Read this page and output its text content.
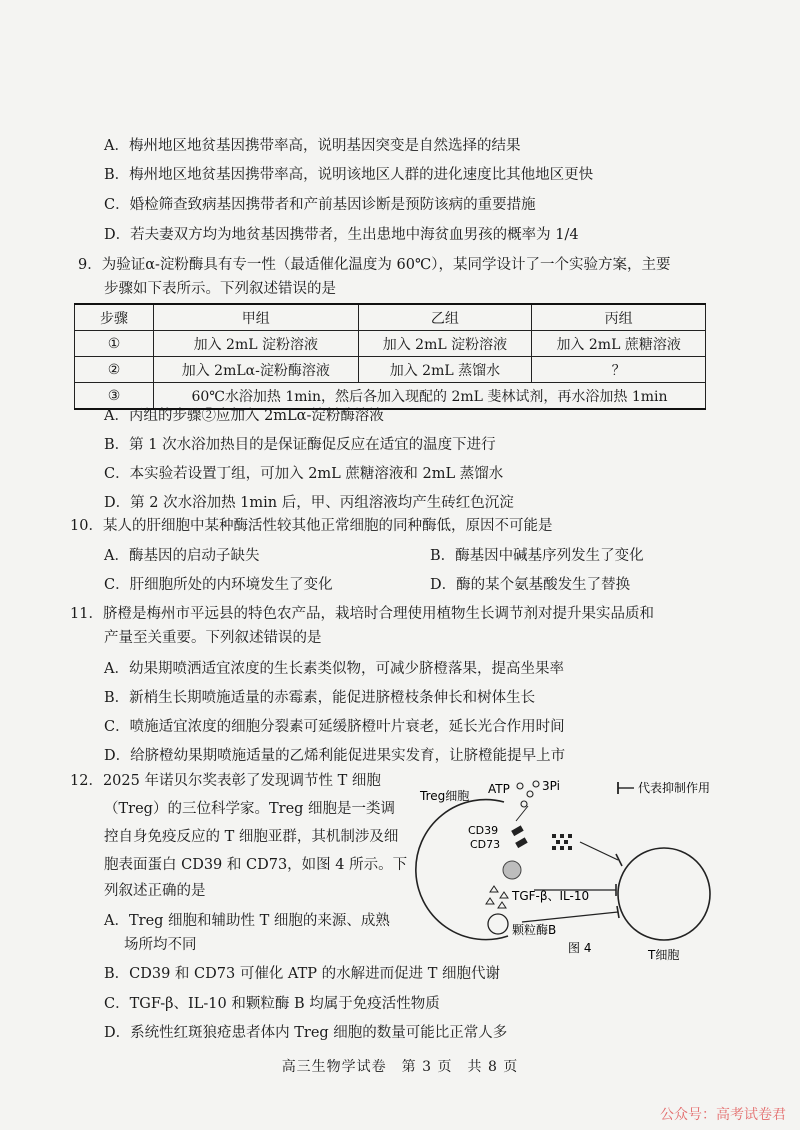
A．梅州地区地贫基因携带率高，说明基因突变是自然选择的结果
B．梅州地区地贫基因携带率高，说明该地区人群的进化速度比其他地区更快
C．婚检筛查致病基因携带者和产前基因诊断是预防该病的重要措施
D．若夫妻双方均为地贫基因携带者，生出患地中海贫血男孩的概率为 1/4
9．为验证α-淀粉酶具有专一性（最适催化温度为 60℃），某同学设计了一个实验方案，主要
步骤如下表所示。下列叙述错误的是
步骤	甲组	乙组	丙组
①	加入 2mL 淀粉溶液	加入 2mL 淀粉溶液	加入 2mL 蔗糖溶液
②	加入 2mLα-淀粉酶溶液	加入 2mL 蒸馏水	？
③	60℃水浴加热 1min，然后各加入现配的 2mL 斐林试剂，再水浴加热 1min		
A．丙组的步骤②应加入 2mLα-淀粉酶溶液
B．第 1 次水浴加热目的是保证酶促反应在适宜的温度下进行
C．本实验若设置丁组，可加入 2mL 蔗糖溶液和 2mL 蒸馏水
D．第 2 次水浴加热 1min 后，甲、丙组溶液均产生砖红色沉淀
10．某人的肝细胞中某种酶活性较其他正常细胞的同种酶低，原因不可能是
A．酶基因的启动子缺失	B．酶基因中碱基序列发生了变化
C．肝细胞所处的内环境发生了变化	D．酶的某个氨基酸发生了替换
11．脐橙是梅州市平远县的特色农产品，栽培时合理使用植物生长调节剂对提升果实品质和
产量至关重要。下列叙述错误的是
A．幼果期喷洒适宜浓度的生长素类似物，可减少脐橙落果，提高坐果率
B．新梢生长期喷施适量的赤霉素，能促进脐橙枝条伸长和树体生长
C．喷施适宜浓度的细胞分裂素可延缓脐橙叶片衰老，延长光合作用时间
D．给脐橙幼果期喷施适量的乙烯利能促进果实发育，让脐橙能提早上市
12．2025 年诺贝尔奖表彰了发现调节性 T 细胞
（Treg）的三位科学家。Treg 细胞是一类调
控自身免疫反应的 T 细胞亚群，其机制涉及细
胞表面蛋白 CD39 和 CD73，如图 4 所示。下
列叙述正确的是
A．Treg 细胞和辅助性 T 细胞的来源、成熟
场所均不同
B．CD39 和 CD73 可催化 ATP 的水解进而促进 T 细胞代谢
C．TGF-β、IL-10 和颗粒酶 B 均属于免疫活性物质
D．系统性红斑狼疮患者体内 Treg 细胞的数量可能比正常人多
Treg细胞 ATP	3Pi	代表抑制作用
CD39
CD73
TGF-β、IL-10
颗粒酶B
图 4	T细胞
高三生物学试卷　第 3 页　共 8 页
公众号：高考试卷君
